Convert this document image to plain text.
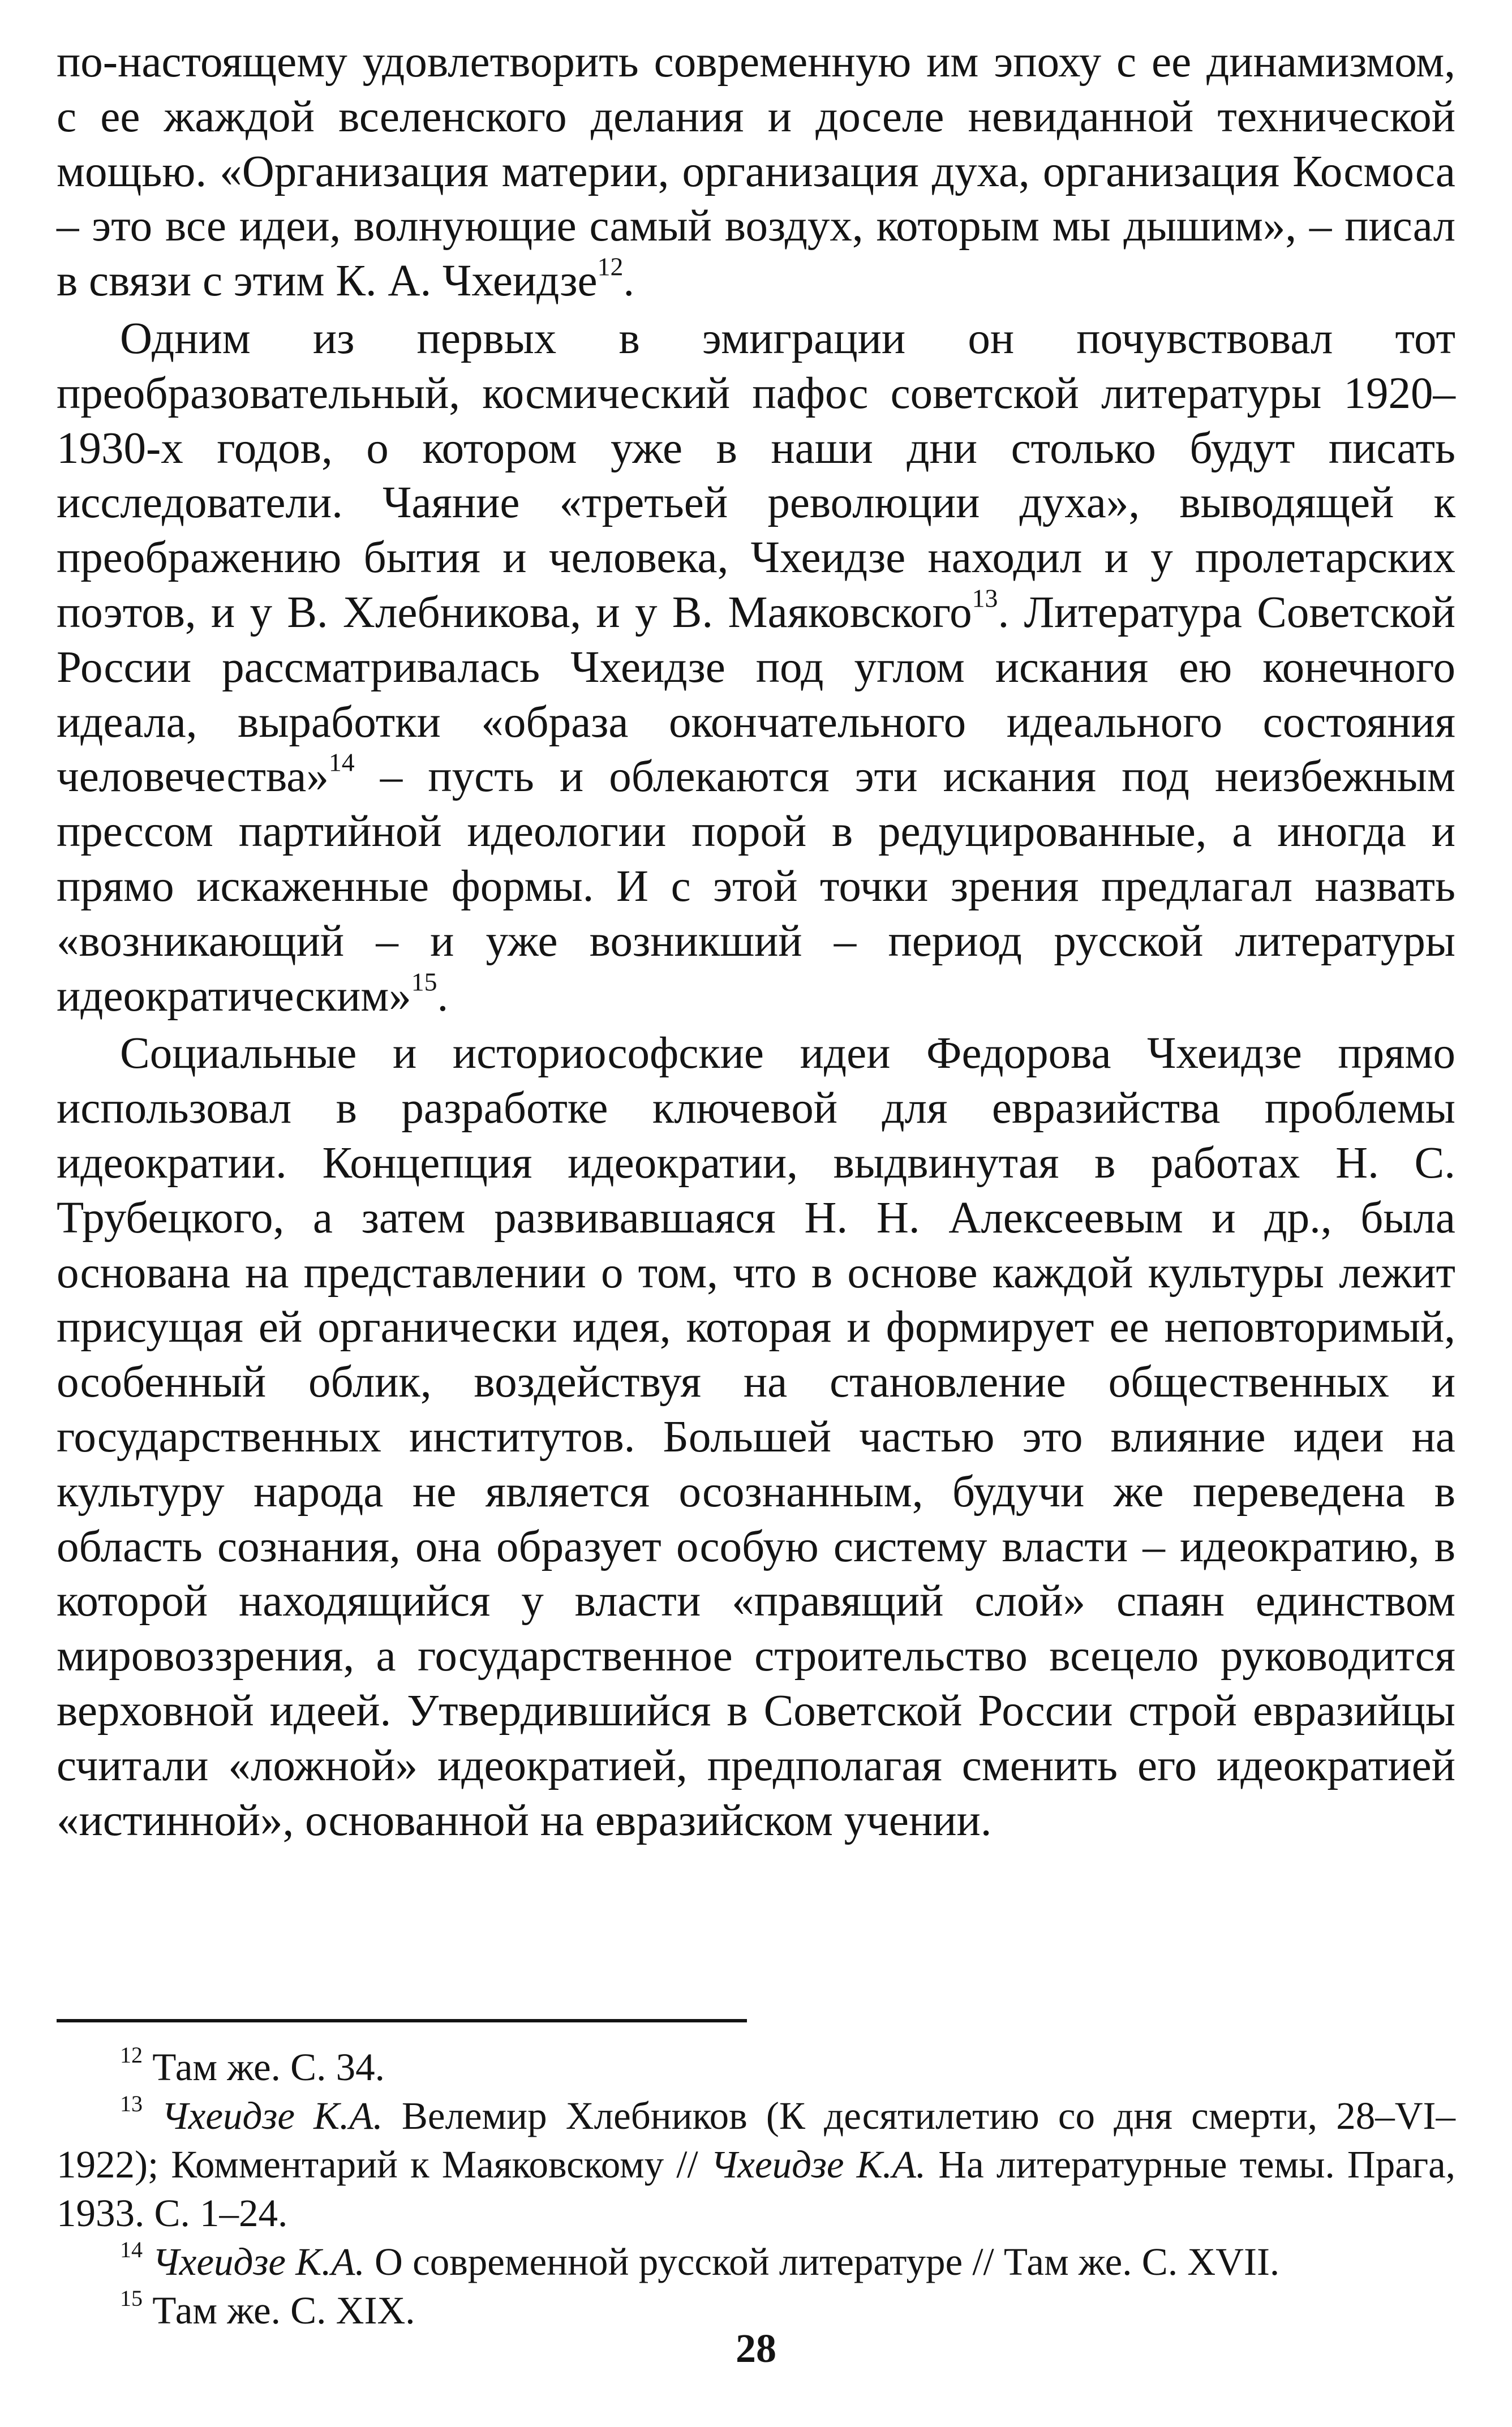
по-настоящему удовлетворить современную им эпоху с ее динамизмом, с ее жаждой вселенского делания и доселе невиданной технической мощью. «Организация материи, организация духа, организация Космоса – это все идеи, волнующие самый воздух, которым мы дышим», – писал в связи с этим К. А. Чхеидзе$^{12}$.

Одним из первых в эмиграции он почувствовал тот преобразовательный, космический пафос советской литературы 1920–1930-х годов, о котором уже в наши дни столько будут писать исследователи. Чаяние «третьей революции духа», выводящей к преображению бытия и человека, Чхеидзе находил и у пролетарских поэтов, и у В. Хлебникова, и у В. Маяковского$^{13}$. Литература Советской России рассматривалась Чхеидзе под углом искания ею конечного идеала, выработки «образа окончательного идеального состояния человечества»$^{14}$ – пусть и облекаются эти искания под неизбежным прессом партийной идеологии порой в редуцированные, а иногда и прямо искаженные формы. И с этой точки зрения предлагал назвать «возникающий – и уже возникший – период русской литературы идеократическим»$^{15}$.

Социальные и историософские идеи Федорова Чхеидзе прямо использовал в разработке ключевой для евразийства проблемы идеократии. Концепция идеократии, выдвинутая в работах Н. С. Трубецкого, а затем развивавшаяся Н. Н. Алексеевым и др., была основана на представлении о том, что в основе каждой культуры лежит присущая ей органически идея, которая и формирует ее неповторимый, особенный облик, воздействуя на становление общественных и государственных институтов. Большей частью это влияние идеи на культуру народа не является осознанным, будучи же переведена в область сознания, она образует особую систему власти – идеократию, в которой находящийся у власти «правящий слой» спаян единством мировоззрения, а государственное строительство всецело руководится верховной идеей. Утвердившийся в Советской России строй евразийцы считали «ложной» идеократией, предполагая сменить его идеократией «истинной», основанной на евразийском учении.

$^{12}$ Там же. С. 34.

$^{13}$ Чхеидзе К.А. Велемир Хлебников (К десятилетию со дня смерти, 28–VI–1922); Комментарий к Маяковскому // Чхеидзе К.А. На литературные темы. Прага, 1933. С. 1–24.

$^{14}$ Чхеидзе К.А. О современной русской литературе // Там же. С. XVII.

$^{15}$ Там же. С. XIX.

28
